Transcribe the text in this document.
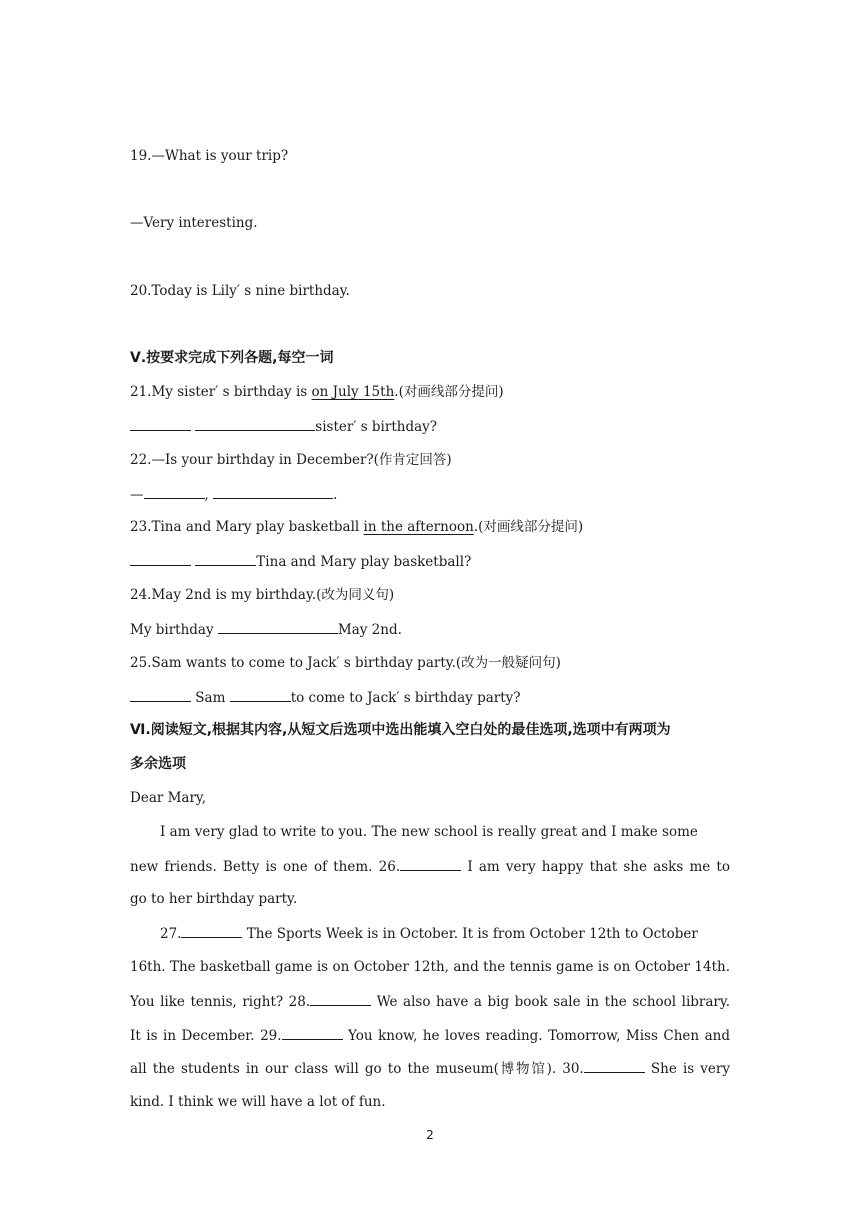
19.—What is your trip?
—Very interesting.
20.Today is Lily′ s nine birthday.
Ⅴ.按要求完成下列各题,每空一词
21.My sister′ s birthday is on July 15th.(对画线部分提问)
sister′ s birthday?
22.—Is your birthday in December?(作肯定回答)
—	,	.
23.Tina and Mary play basketball in the afternoon.(对画线部分提问)
Tina and Mary play basketball?
24.May 2nd is my birthday.(改为同义句)
My birthday	May 2nd.
25.Sam wants to come to Jack′ s birthday party.(改为一般疑问句)
Sam	to come to Jack′ s birthday party?
Ⅵ.阅读短文,根据其内容,从短文后选项中选出能填入空白处的最佳选项,选项中有两项为
多余选项
Dear Mary,
I am very glad to write to you. The new school is really great and I make some
new friends. Betty is one of them. 26.	I am very happy that she asks me to
go to her birthday party.
27.	The Sports Week is in October. It is from October 12th to October
16th. The basketball game is on October 12th, and the tennis game is on October 14th.
You like tennis, right? 28.	We also have a big book sale in the school library.
It is in December. 29.	You know, he loves reading. Tomorrow, Miss Chen and
all the students in our class will go to the museum(博物馆). 30.	She is very
kind. I think we will have a lot of fun.
2
